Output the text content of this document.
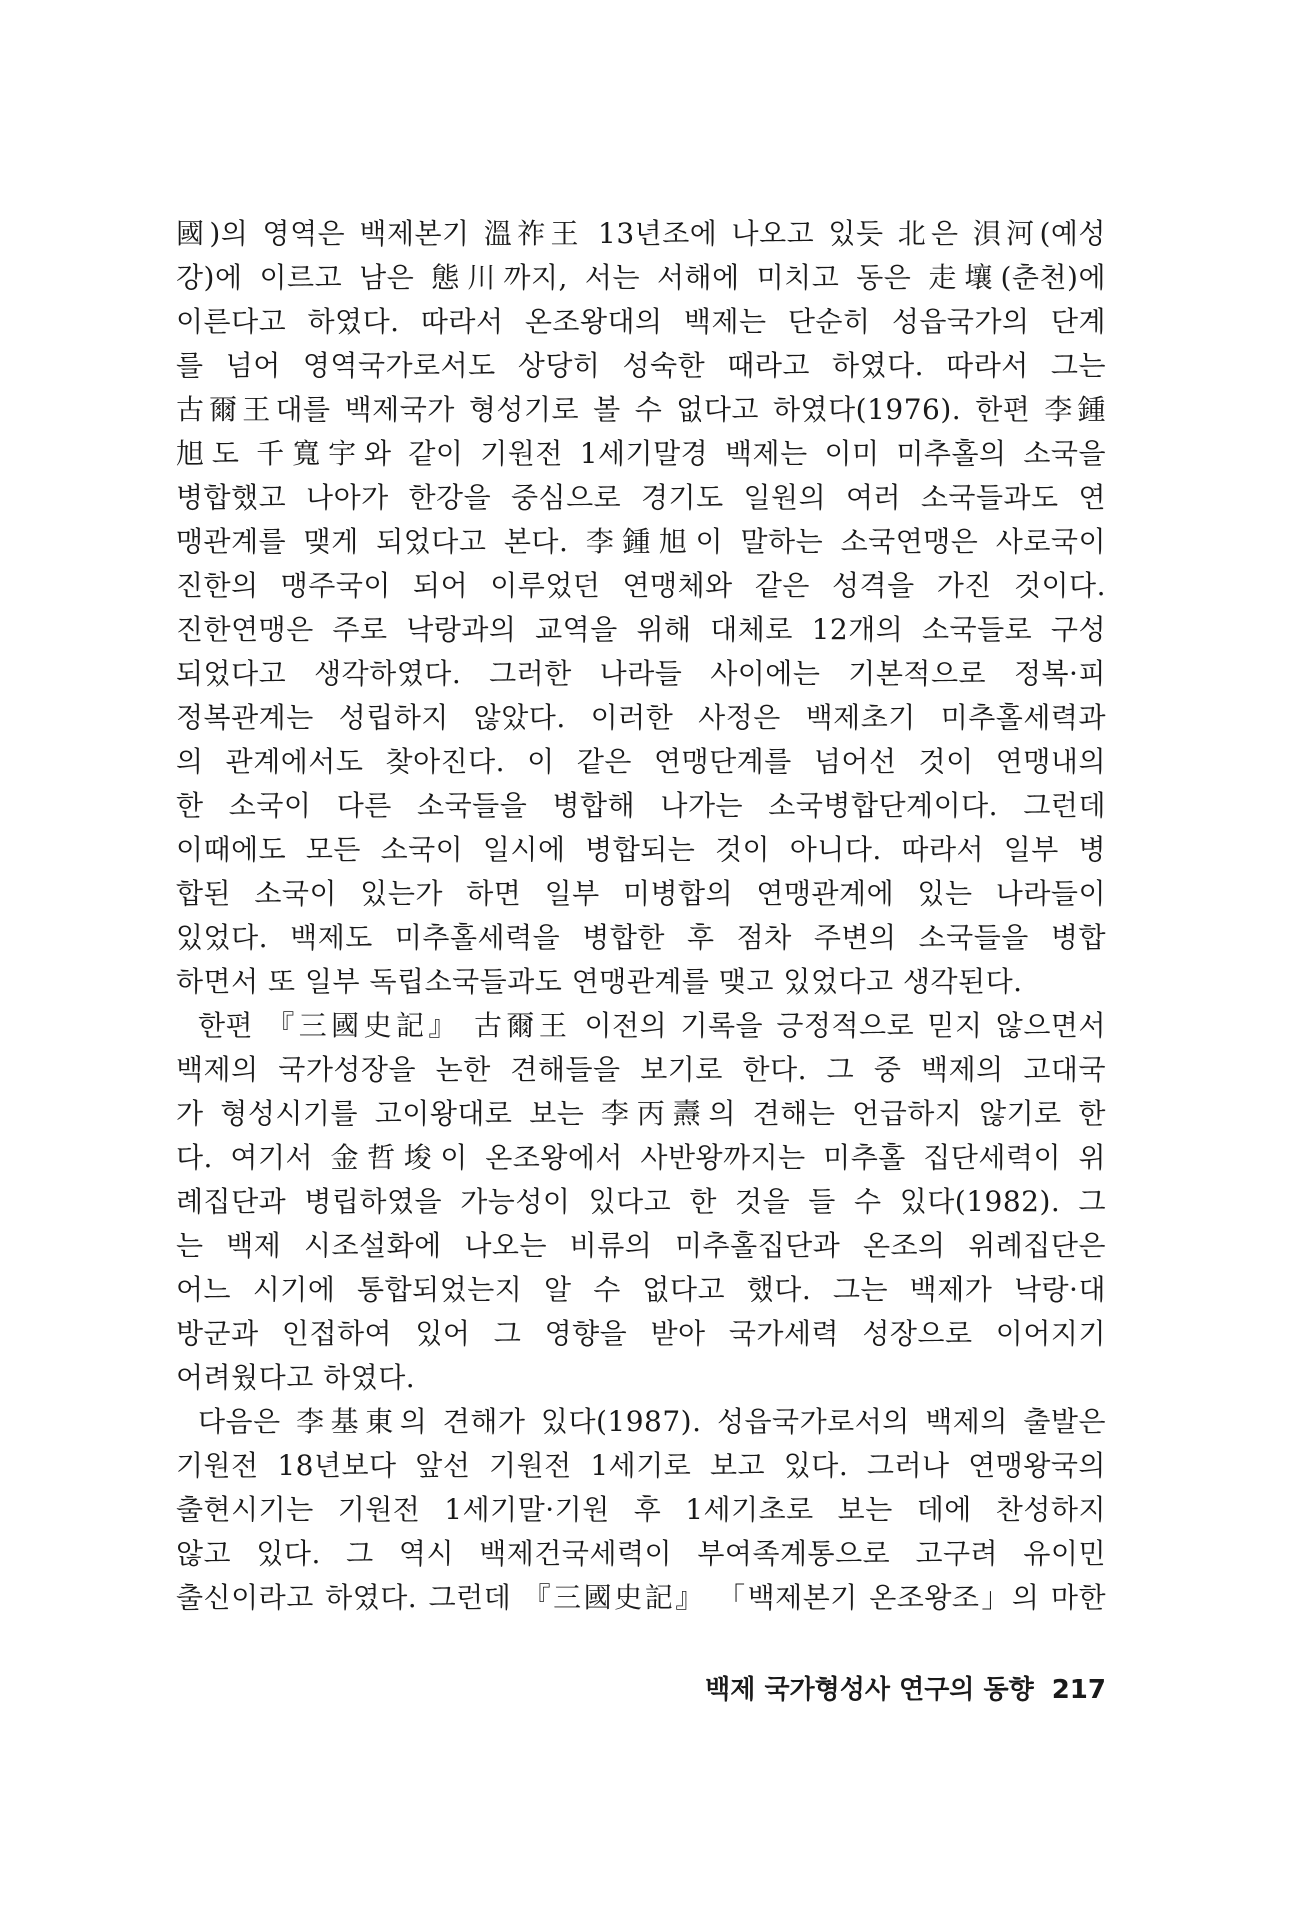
國)의 영역은 백제본기 溫祚王 13년조에 나오고 있듯 北은 浿河(예성
강)에 이르고 남은 態川까지, 서는 서해에 미치고 동은 走壤(춘천)에
이른다고 하였다. 따라서 온조왕대의 백제는 단순히 성읍국가의 단계
를 넘어 영역국가로서도 상당히 성숙한 때라고 하였다. 따라서 그는
古爾王대를 백제국가 형성기로 볼 수 없다고 하였다(1976). 한편 李鍾
旭도 千寬宇와 같이 기원전 1세기말경 백제는 이미 미추홀의 소국을
병합했고 나아가 한강을 중심으로 경기도 일원의 여러 소국들과도 연
맹관계를 맺게 되었다고 본다. 李鍾旭이 말하는 소국연맹은 사로국이
진한의 맹주국이 되어 이루었던 연맹체와 같은 성격을 가진 것이다.
진한연맹은 주로 낙랑과의 교역을 위해 대체로 12개의 소국들로 구성
되었다고 생각하였다. 그러한 나라들 사이에는 기본적으로 정복·피
정복관계는 성립하지 않았다. 이러한 사정은 백제초기 미추홀세력과
의 관계에서도 찾아진다. 이 같은 연맹단계를 넘어선 것이 연맹내의
한 소국이 다른 소국들을 병합해 나가는 소국병합단계이다. 그런데
이때에도 모든 소국이 일시에 병합되는 것이 아니다. 따라서 일부 병
합된 소국이 있는가 하면 일부 미병합의 연맹관계에 있는 나라들이
있었다. 백제도 미추홀세력을 병합한 후 점차 주변의 소국들을 병합
하면서 또 일부 독립소국들과도 연맹관계를 맺고 있었다고 생각된다.
한편 『三國史記』 古爾王 이전의 기록을 긍정적으로 믿지 않으면서
백제의 국가성장을 논한 견해들을 보기로 한다. 그 중 백제의 고대국
가 형성시기를 고이왕대로 보는 李丙燾의 견해는 언급하지 않기로 한
다. 여기서 金哲埈이 온조왕에서 사반왕까지는 미추홀 집단세력이 위
례집단과 병립하였을 가능성이 있다고 한 것을 들 수 있다(1982). 그
는 백제 시조설화에 나오는 비류의 미추홀집단과 온조의 위례집단은
어느 시기에 통합되었는지 알 수 없다고 했다. 그는 백제가 낙랑·대
방군과 인접하여 있어 그 영향을 받아 국가세력 성장으로 이어지기
어려웠다고 하였다.
다음은 李基東의 견해가 있다(1987). 성읍국가로서의 백제의 출발은
기원전 18년보다 앞선 기원전 1세기로 보고 있다. 그러나 연맹왕국의
출현시기는 기원전 1세기말·기원 후 1세기초로 보는 데에 찬성하지
않고 있다. 그 역시 백제건국세력이 부여족계통으로 고구려 유이민
출신이라고 하였다. 그런데 『三國史記』 「백제본기 온조왕조」의 마한
백제 국가형성사 연구의 동향 217
